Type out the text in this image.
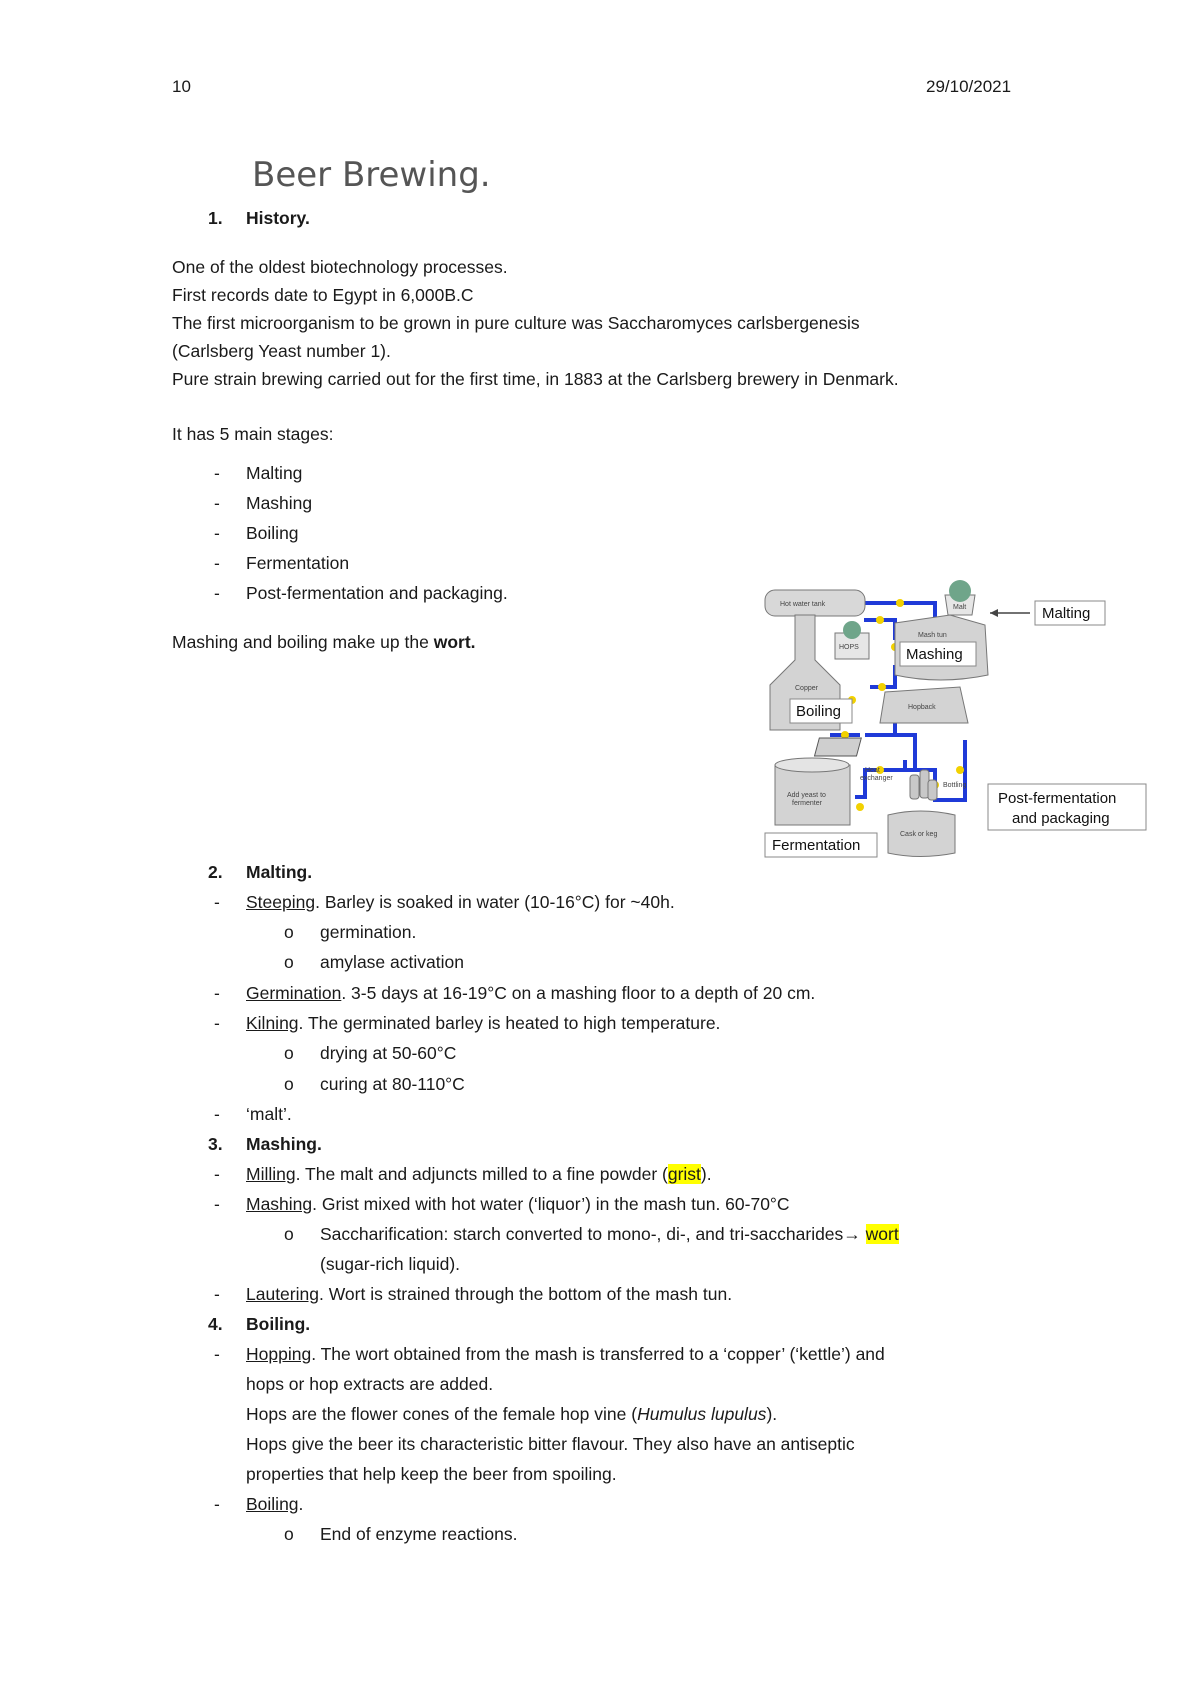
10	29/10/2021
Beer Brewing.
1. History.
One of the oldest biotechnology processes.
First records date to Egypt in 6,000B.C
The first microorganism to be grown in pure culture was Saccharomyces carlsbergenesis
(Carlsberg Yeast number 1).
Pure strain brewing carried out for the first time, in 1883 at the Carlsberg brewery in Denmark.
It has 5 main stages:
- Malting
- Mashing
- Boiling
- Fermentation
- Post-fermentation and packaging.
Mashing and boiling make up the wort.
Hot water tank	Malt
HOPS
Mash tun
Copper
Hopback
Heat
exchanger
Add yeast to
fermenter
Bottling
Cask or keg
Malting
Mashing
Boiling
Fermentation
Post-fermentation
and packaging
2. Malting.
- Steeping. Barley is soaked in water (10-16°C) for ~40h.
o germination.
o amylase activation
- Germination. 3-5 days at 16-19°C on a mashing floor to a depth of 20 cm.
- Kilning. The germinated barley is heated to high temperature.
o drying at 50-60°C
o curing at 80-110°C
- ‘malt’.
3. Mashing.
- Milling. The malt and adjuncts milled to a fine powder (grist).
- Mashing. Grist mixed with hot water (‘liquor’) in the mash tun. 60-70°C
o Saccharification: starch converted to mono-, di-, and tri-saccharides→ wort
(sugar-rich liquid).
- Lautering. Wort is strained through the bottom of the mash tun.
4. Boiling.
- Hopping. The wort obtained from the mash is transferred to a ‘copper’ (‘kettle’) and
hops or hop extracts are added.
Hops are the flower cones of the female hop vine (Humulus lupulus).
Hops give the beer its characteristic bitter flavour. They also have an antiseptic
properties that help keep the beer from spoiling.
- Boiling.
o End of enzyme reactions.
